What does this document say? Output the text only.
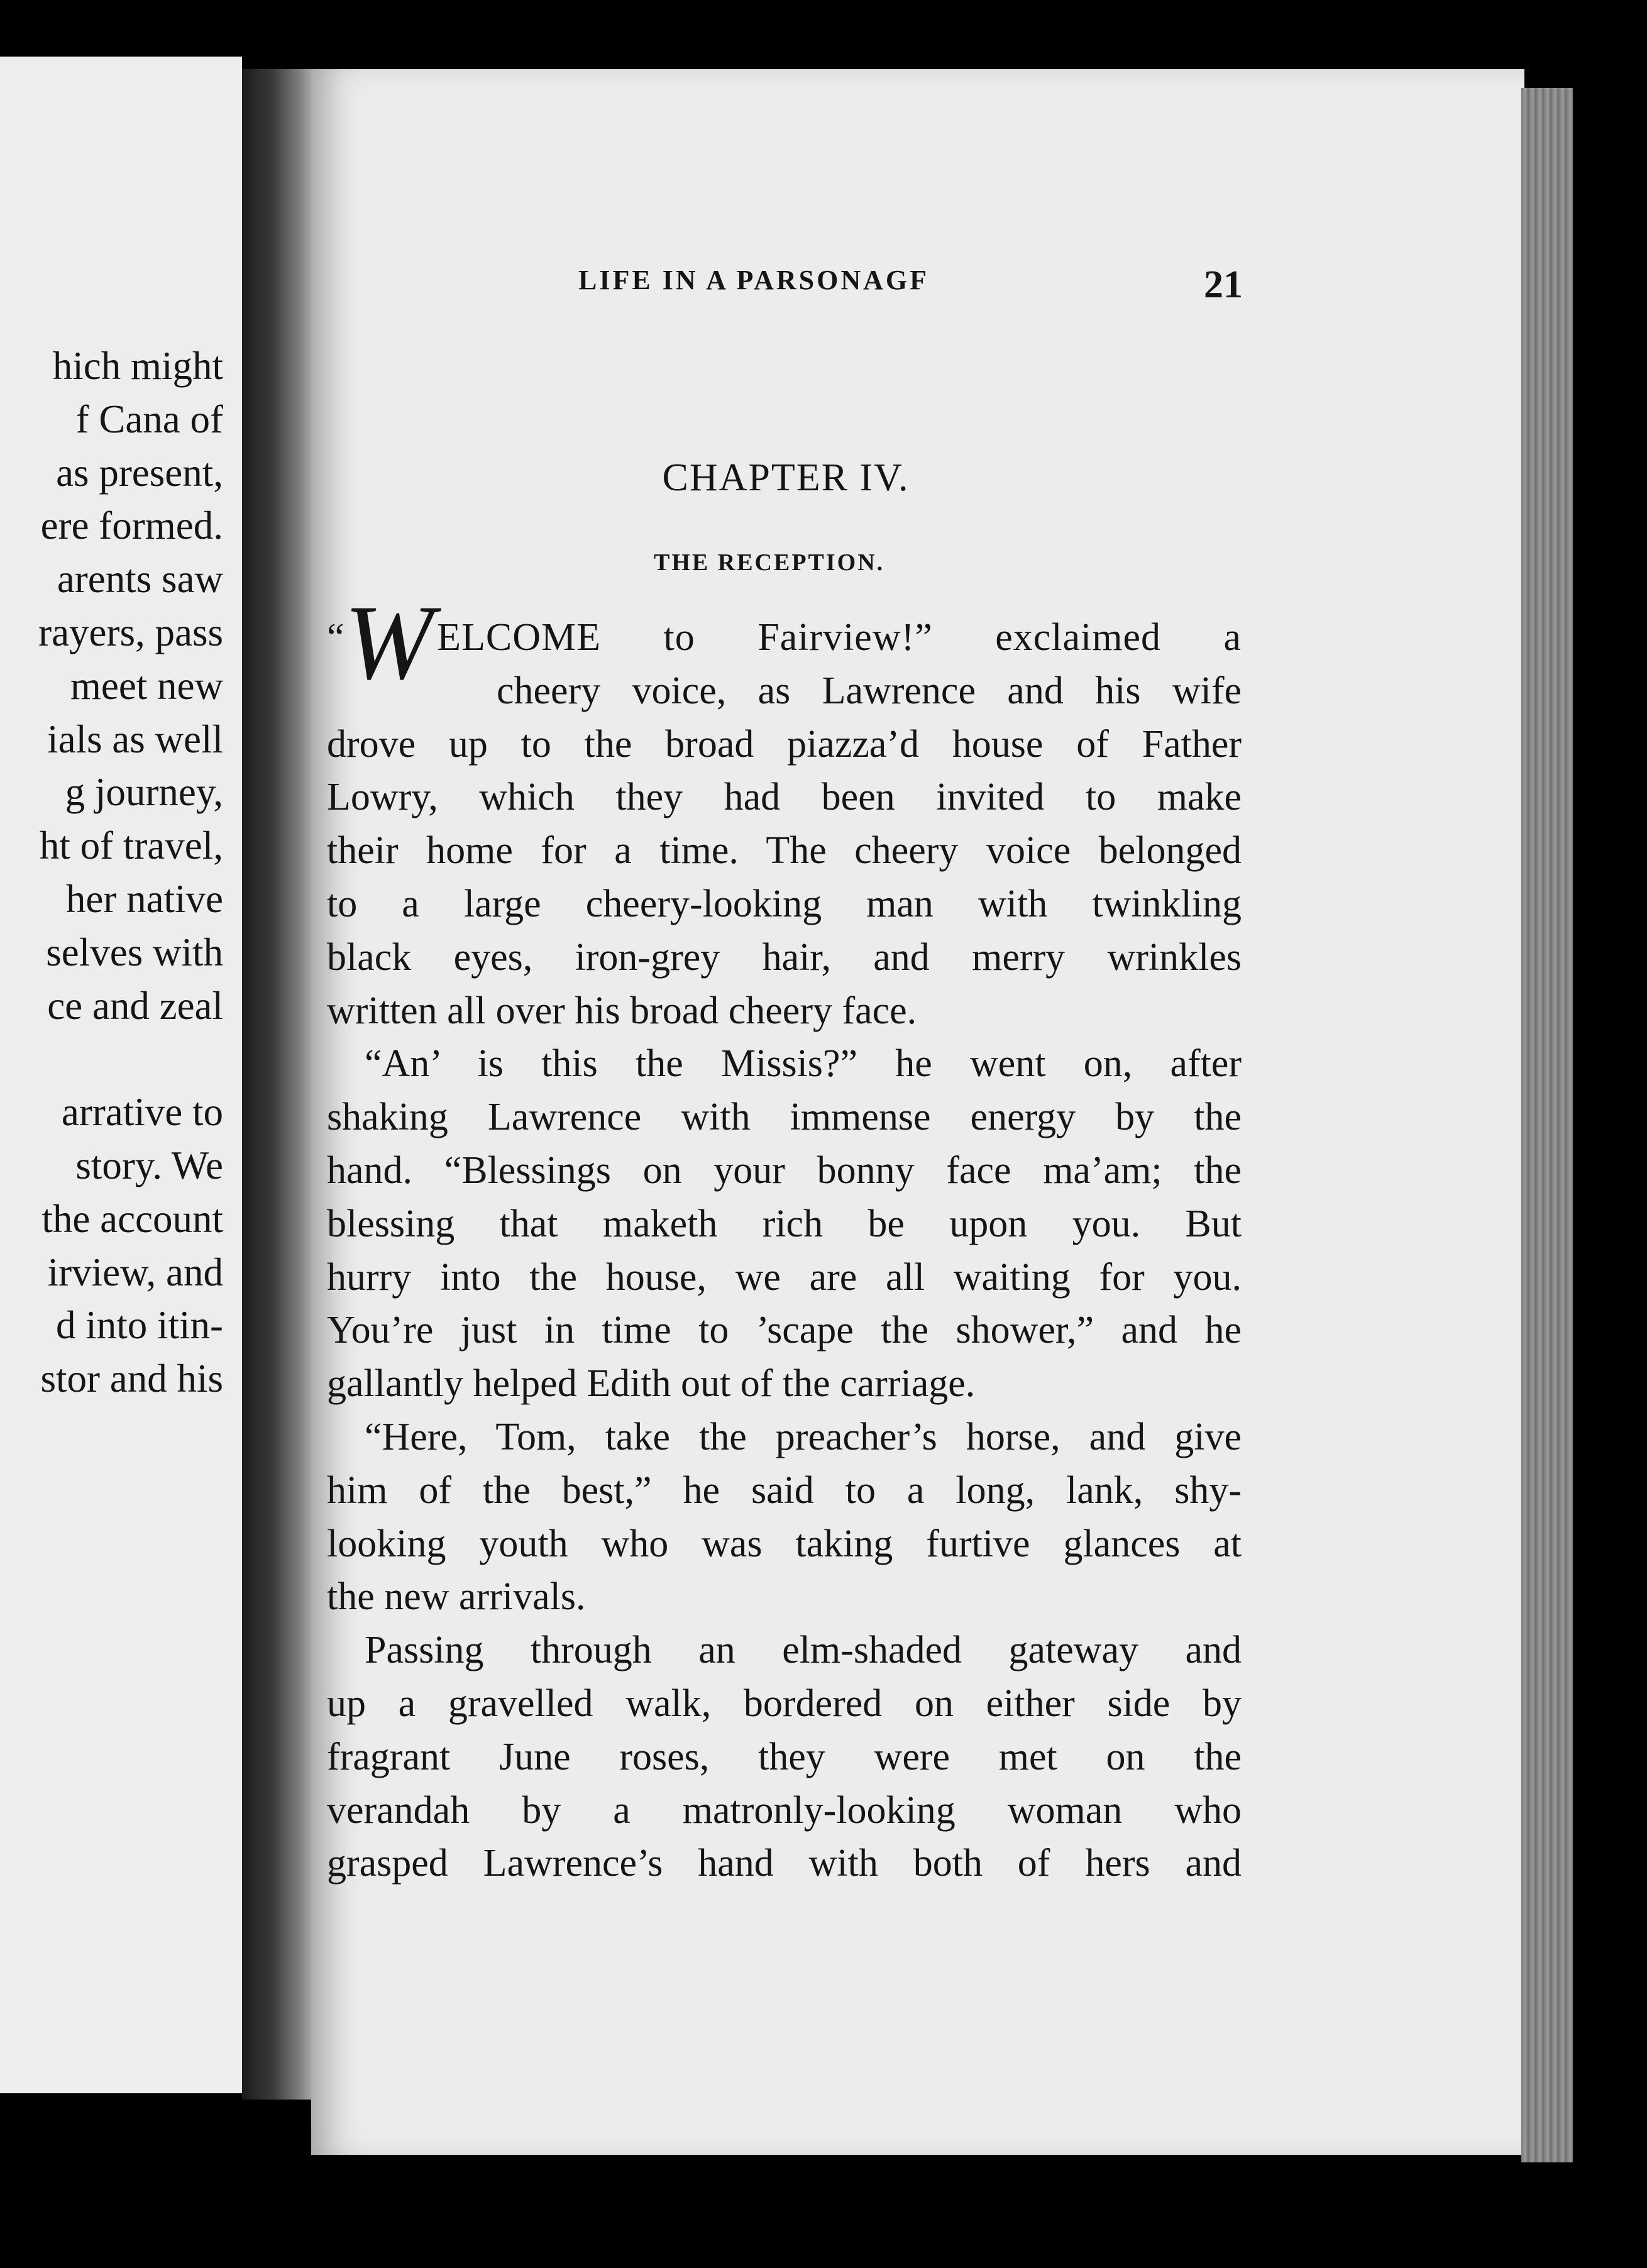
hich might
f Cana of
as present,
ere formed.
arents saw
rayers, pass
meet new
ials as well
g journey,
ht of travel,
her native
selves with
ce and zeal
arrative to
story. We
the account
irview, and
d into itin-
stor and his
LIFE IN A PARSONAGF	21
CHAPTER IV.
THE RECEPTION.
“WELCOME to Fairview!” exclaimed a
cheery voice, as Lawrence and his wife
drove up to the broad piazza’d house of Father
Lowry, which they had been invited to make
their home for a time. The cheery voice belonged
to a large cheery-looking man with twinkling
black eyes, iron-grey hair, and merry wrinkles
written all over his broad cheery face.
“An’ is this the Missis?” he went on, after
shaking Lawrence with immense energy by the
hand. “Blessings on your bonny face ma’am; the
blessing that maketh rich be upon you. But
hurry into the house, we are all waiting for you.
You’re just in time to ’scape the shower,” and he
gallantly helped Edith out of the carriage.
“Here, Tom, take the preacher’s horse, and give
him of the best,” he said to a long, lank, shy-
looking youth who was taking furtive glances at
the new arrivals.
Passing through an elm-shaded gateway and
up a gravelled walk, bordered on either side by
fragrant June roses, they were met on the
verandah by a matronly-looking woman who
grasped Lawrence’s hand with both of hers and
